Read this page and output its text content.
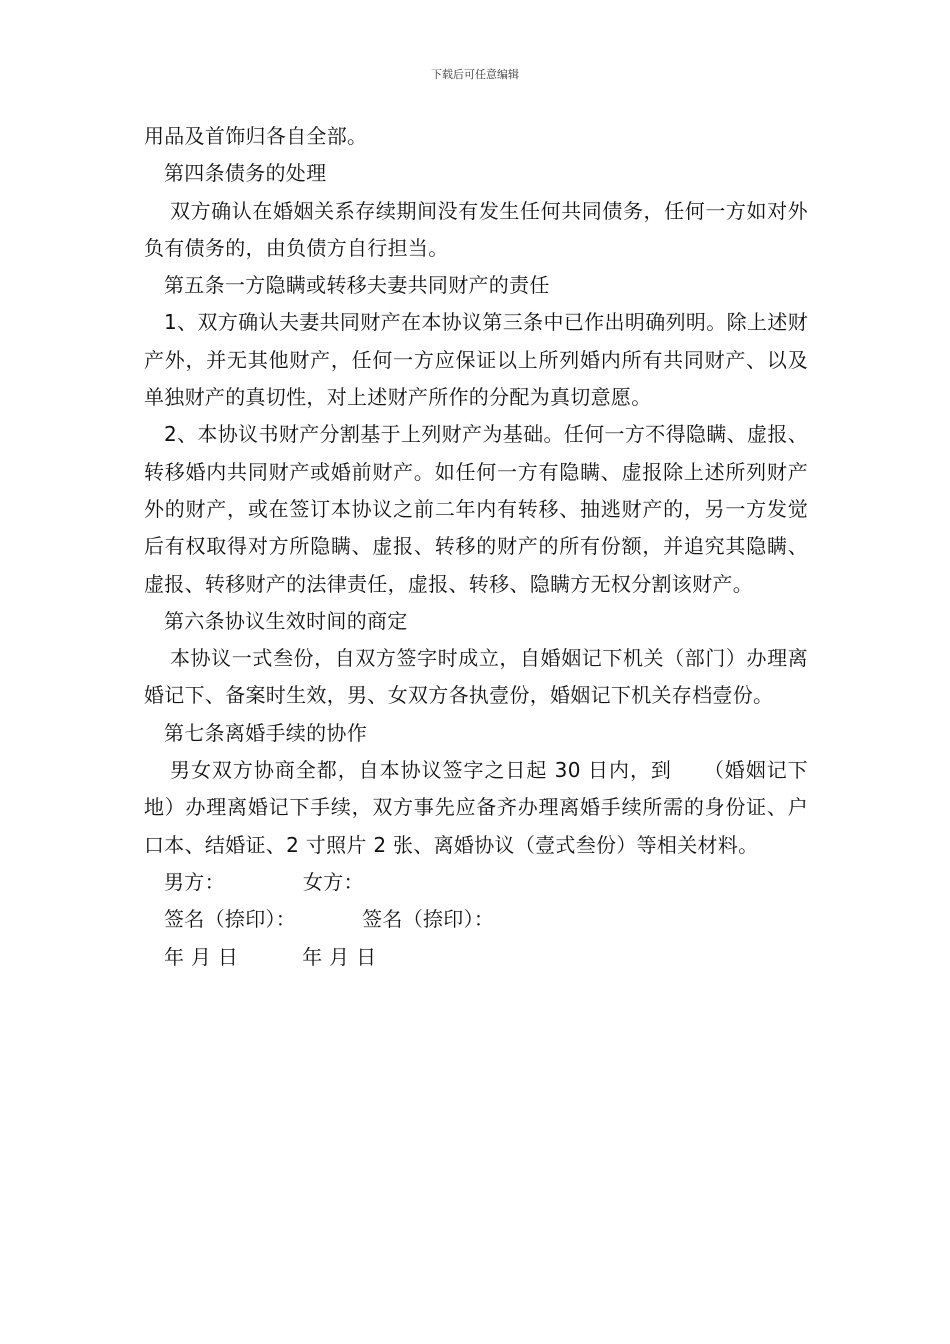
下载后可任意编辑

用品及首饰归各自全部。

第四条债务的处理

双方确认在婚姻关系存续期间没有发生任何共同债务，任何一方如对外负有债务的，由负债方自行担当。

第五条一方隐瞒或转移夫妻共同财产的责任

1、双方确认夫妻共同财产在本协议第三条中已作出明确列明。除上述财产外，并无其他财产，任何一方应保证以上所列婚内所有共同财产、以及单独财产的真切性，对上述财产所作的分配为真切意愿。

2、本协议书财产分割基于上列财产为基础。任何一方不得隐瞒、虚报、转移婚内共同财产或婚前财产。如任何一方有隐瞒、虚报除上述所列财产外的财产，或在签订本协议之前二年内有转移、抽逃财产的，另一方发觉后有权取得对方所隐瞒、虚报、转移的财产的所有份额，并追究其隐瞒、虚报、转移财产的法律责任，虚报、转移、隐瞒方无权分割该财产。

第六条协议生效时间的商定

本协议一式叁份，自双方签字时成立，自婚姻记下机关（部门）办理离婚记下、备案时生效，男、女双方各执壹份，婚姻记下机关存档壹份。

第七条离婚手续的协作

男女双方协商全都，自本协议签字之日起 30 日内，到　　（婚姻记下地）办理离婚记下手续，双方事先应备齐办理离婚手续所需的身份证、户口本、结婚证、2 寸照片 2 张、离婚协议（壹式叁份）等相关材料。

男方：	女方：
签名（捺印）：	签名（捺印）：
年 月 日	年 月 日
